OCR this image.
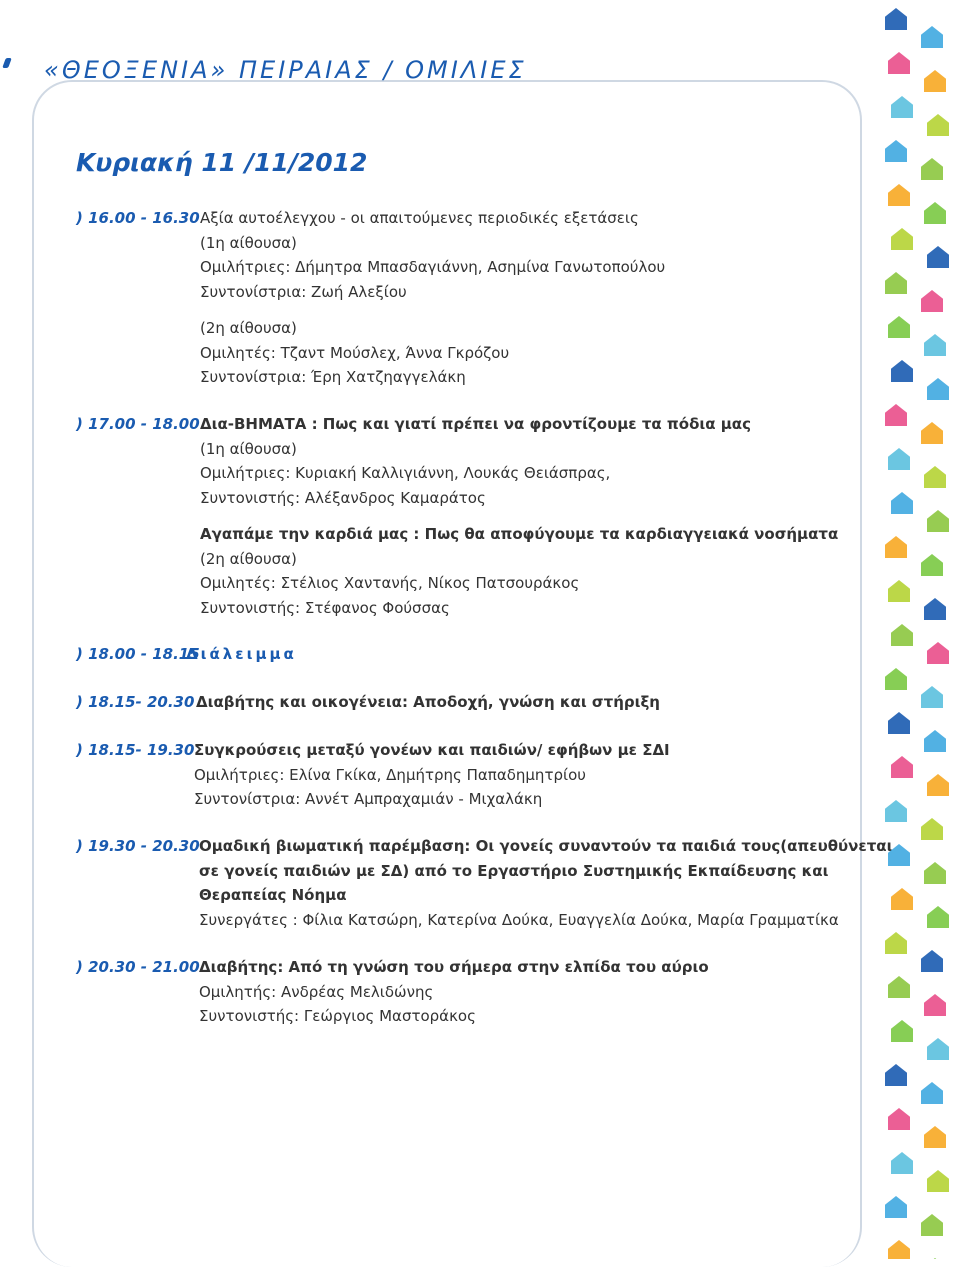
«ΘΕΟΞΕΝΙΑ» ΠΕΙΡΑΙΑΣ / ΟΜΙΛΙΕΣ
Κυριακή 11 /11/2012
) 16.00 - 16.30 Αξία αυτοέλεγχου - οι απαιτούμενες περιοδικές εξετάσεις
(1η αίθουσα)
Ομιλήτριες: Δήμητρα Μπασδαγιάννη, Ασημίνα Γανωτοπούλου
Συντονίστρια: Ζωή Αλεξίου
(2η αίθουσα)
Ομιλητές: Τζαντ Μούσλεχ, Άννα Γκρόζου
Συντονίστρια: Έρη Χατζηαγγελάκη
) 17.00 - 18.00 Δια-ΒΗΜΑΤΑ : Πως και γιατί πρέπει να φροντίζουμε τα πόδια μας
(1η αίθουσα)
Ομιλήτριες: Κυριακή Καλλιγιάννη, Λουκάς Θειάσπρας,
Συντονιστής: Αλέξανδρος Καμαράτος
Αγαπάμε την καρδιά μας : Πως θα αποφύγουμε τα καρδιαγγειακά νοσήματα
(2η αίθουσα)
Ομιλητές: Στέλιος Χαντανής, Νίκος Πατσουράκος
Συντονιστής: Στέφανος Φούσσας
) 18.00 - 18.15
Διάλειμμα
) 18.15- 20.30 Διαβήτης και οικογένεια: Αποδοχή, γνώση και στήριξη
) 18.15- 19.30 Συγκρούσεις μεταξύ γονέων και παιδιών/ εφήβων με ΣΔΙ
Ομιλήτριες: Ελίνα Γκίκα, Δημήτρης Παπαδημητρίου
Συντονίστρια: Αννέτ Αμπραχαμιάν - Μιχαλάκη
) 19.30 - 20.30 Ομαδική βιωματική παρέμβαση: Οι γονείς συναντούν τα παιδιά τους(απευθύνεται
σε γονείς παιδιών με ΣΔ) από το Εργαστήριο Συστημικής Εκπαίδευσης και
Θεραπείας Νόημα
Συνεργάτες : Φίλια Κατσώρη, Κατερίνα Δούκα, Ευαγγελία Δούκα, Μαρία Γραμματίκα
) 20.30 - 21.00 Διαβήτης: Από τη γνώση του σήμερα στην ελπίδα του αύριο
Ομιλητής: Ανδρέας Μελιδώνης
Συντονιστής: Γεώργιος Μαστοράκος
